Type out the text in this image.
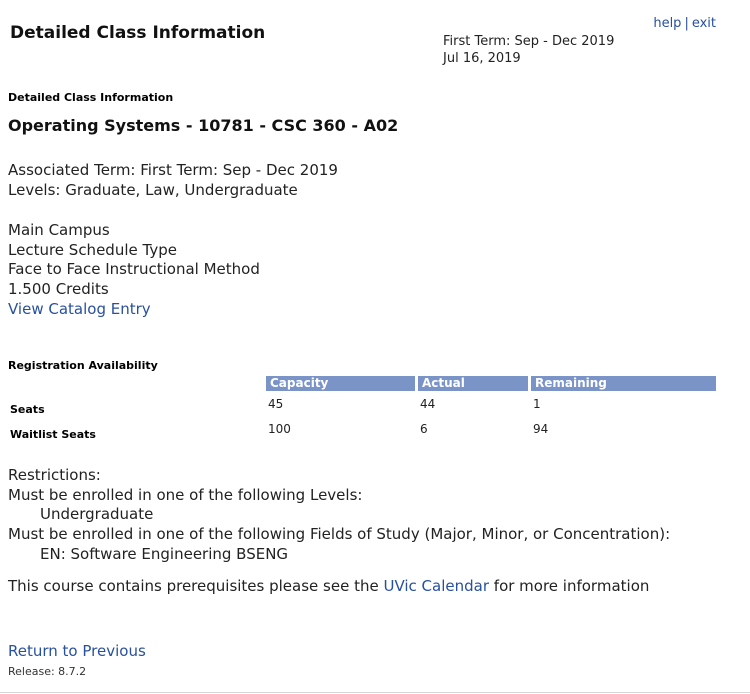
help | exit
Detailed Class Information	First Term: Sep - Dec 2019
Jul 16, 2019
Detailed Class Information
Operating Systems - 10781 - CSC 360 - A02
Associated Term: First Term: Sep - Dec 2019
Levels: Graduate, Law, Undergraduate
Main Campus
Lecture Schedule Type
Face to Face Instructional Method
1.500 Credits
View Catalog Entry
Registration Availability
	Capacity	Actual	Remaining
Seats	45	44	1
Waitlist Seats	100	6	94
Restrictions:
Must be enrolled in one of the following Levels:
Undergraduate
Must be enrolled in one of the following Fields of Study (Major, Minor, or Concentration):
EN: Software Engineering BSENG
This course contains prerequisites please see the UVic Calendar for more information
Return to Previous
Release: 8.7.2
